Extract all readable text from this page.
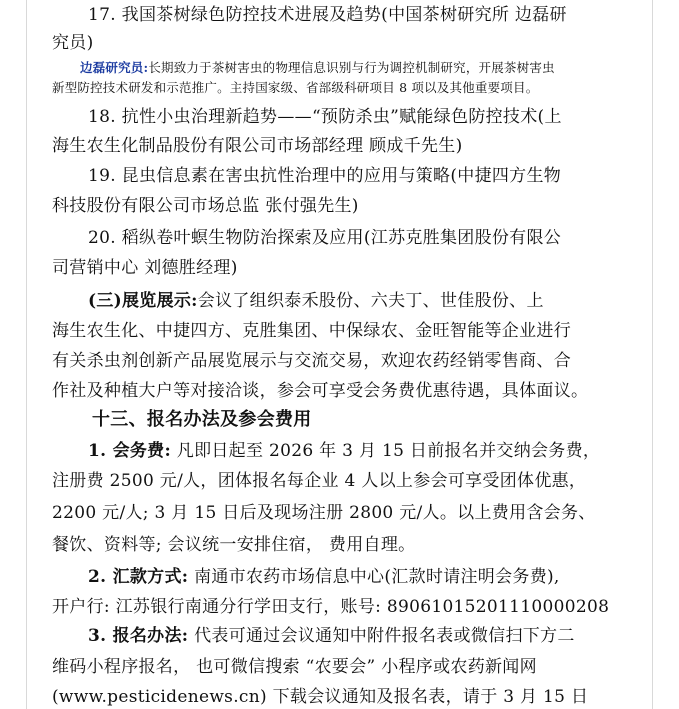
17. 我国茶树绿色防控技术进展及趋势(中国茶树研究所 边磊研
究员)
边磊研究员:长期致力于茶树害虫的物理信息识别与行为调控机制研究，开展茶树害虫
新型防控技术研发和示范推广。主持国家级、省部级科研项目 8 项以及其他重要项目。
18. 抗性小虫治理新趋势——“预防杀虫”赋能绿色防控技术(上
海生农生化制品股份有限公司市场部经理 顾成千先生)
19. 昆虫信息素在害虫抗性治理中的应用与策略(中捷四方生物
科技股份有限公司市场总监 张付强先生)
20. 稻纵卷叶螟生物防治探索及应用(江苏克胜集团股份有限公
司营销中心 刘德胜经理)
(三)展览展示:会议了组织泰禾股份、六夫丁、世佳股份、上
海生农生化、中捷四方、克胜集团、中保绿农、金旺智能等企业进行
有关杀虫剂创新产品展览展示与交流交易，欢迎农药经销零售商、合
作社及种植大户等对接洽谈，参会可享受会务费优惠待遇，具体面议。
十三、报名办法及参会费用
1. 会务费: 凡即日起至 2026 年 3 月 15 日前报名并交纳会务费，
注册费 2500 元/人，团体报名每企业 4 人以上参会可享受团体优惠，
2200 元/人; 3 月 15 日后及现场注册 2800 元/人。以上费用含会务、
餐饮、资料等; 会议统一安排住宿， 费用自理。
2. 汇款方式: 南通市农药市场信息中心(汇款时请注明会务费),
开户行: 江苏银行南通分行学田支行，账号: 89061015201110000208
3. 报名办法: 代表可通过会议通知中附件报名表或微信扫下方二
维码小程序报名， 也可微信搜索 “农要会” 小程序或农药新闻网
(www.pesticidenews.cn) 下载会议通知及报名表，请于 3 月 15 日
